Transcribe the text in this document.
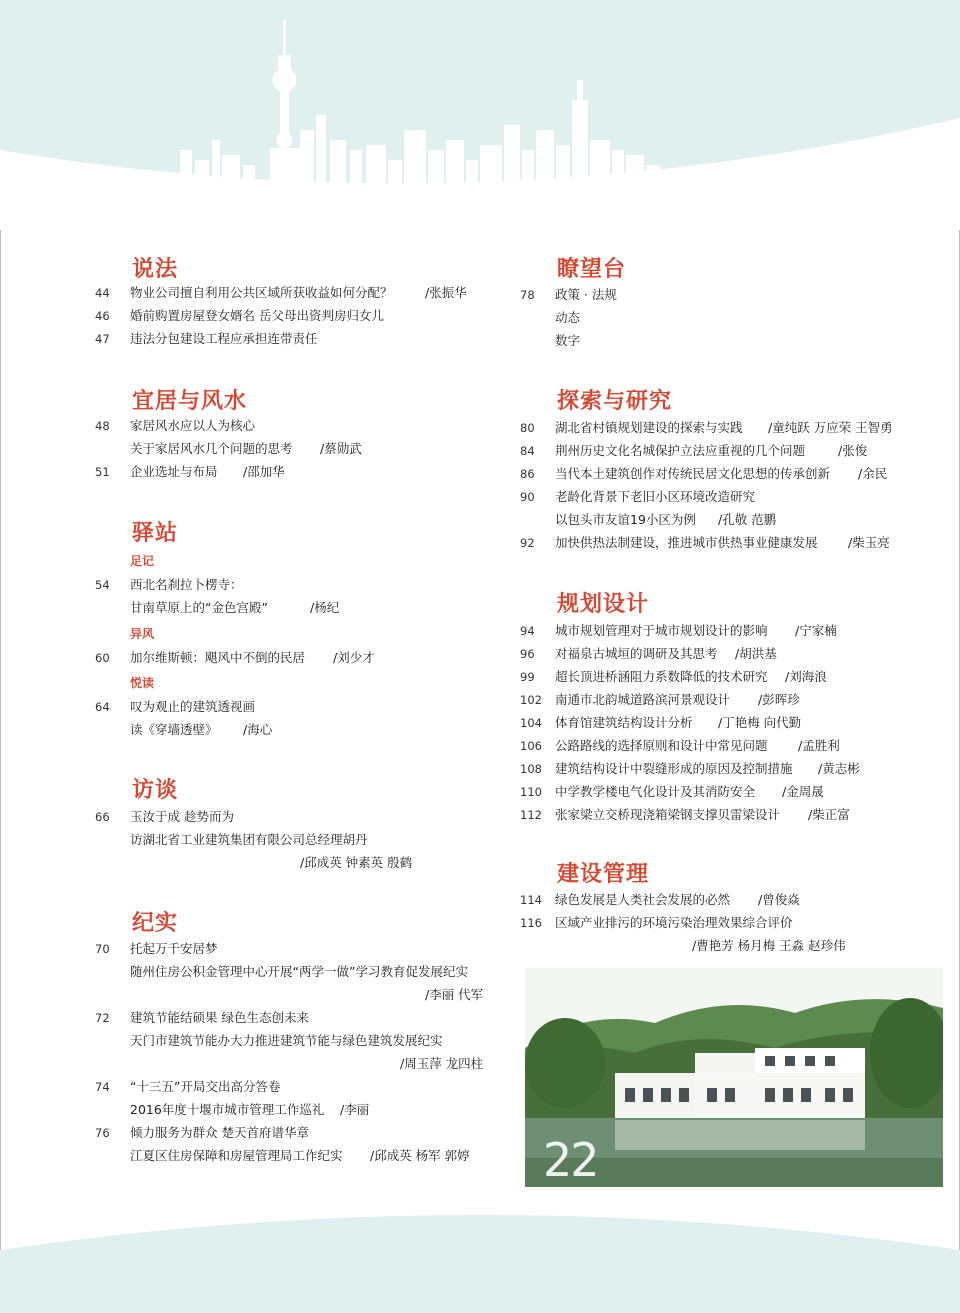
说法
44	物业公司擅自利用公共区域所获收益如何分配？	/张振华
46	婚前购置房屋登女婿名 岳父母出资判房归女儿
47	违法分包建设工程应承担连带责任
宜居与风水
48	家居风水应以人为核心
关于家居风水几个问题的思考 /蔡勋武
51	企业选址与布局 /邵加华
驿站
足记
54	西北名刹拉卜楞寺：
甘南草原上的“金色宫殿”	/杨纪
异风
60	加尔维斯顿：飓风中不倒的民居 /刘少才
悦读
64	叹为观止的建筑透视画
读《穿墙透壁》 /海心
访谈
66	玉汝于成 趁势而为
访湖北省工业建筑集团有限公司总经理胡丹
/邱成英 钟素英 殷鹤
纪实
70	托起万千安居梦
随州住房公积金管理中心开展“两学一做”学习教育促发展纪实
/李丽 代军
72	建筑节能结硕果 绿色生态创未来
天门市建筑节能办大力推进建筑节能与绿色建筑发展纪实
/周玉萍 龙四柱
74	“十三五”开局交出高分答卷
2016年度十堰市城市管理工作巡礼 /李丽
76	倾力服务为群众 楚天首府谱华章
江夏区住房保障和房屋管理局工作纪实 /邱成英 杨军 郭婷
瞭望台
78	政策 · 法规
动态
数字
探索与研究
80	湖北省村镇规划建设的探索与实践 /童纯跃 万应荣 王智勇
84	荆州历史文化名城保护立法应重视的几个问题	/张俊
86	当代本土建筑创作对传统民居文化思想的传承创新 /余民
90	老龄化背景下老旧小区环境改造研究
以包头市友谊19小区为例 /孔敬 范鹏
92	加快供热法制建设，推进城市供热事业健康发展 /柴玉亮
规划设计
94	城市规划管理对于城市规划设计的影响 /宁家楠
96	对福泉古城垣的调研及其思考 /胡洪基
99	超长顶进桥涵阻力系数降低的技术研究 /刘海浪
102 南通市北韵城道路滨河景观设计 /彭晖珍
104 体育馆建筑结构设计分析 /丁艳梅 向代勤
106 公路路线的选择原则和设计中常见问题 /孟胜利
108 建筑结构设计中裂缝形成的原因及控制措施 /黄志彬
110 中学教学楼电气化设计及其消防安全 /金周晟
112 张家梁立交桥现浇箱梁钢支撑贝雷梁设计 /柴正富
建设管理
114 绿色发展是人类社会发展的必然 /曾俊焱
116 区域产业排污的环境污染治理效果综合评价
/曹艳芳 杨月梅 王淼 赵珍伟
22
